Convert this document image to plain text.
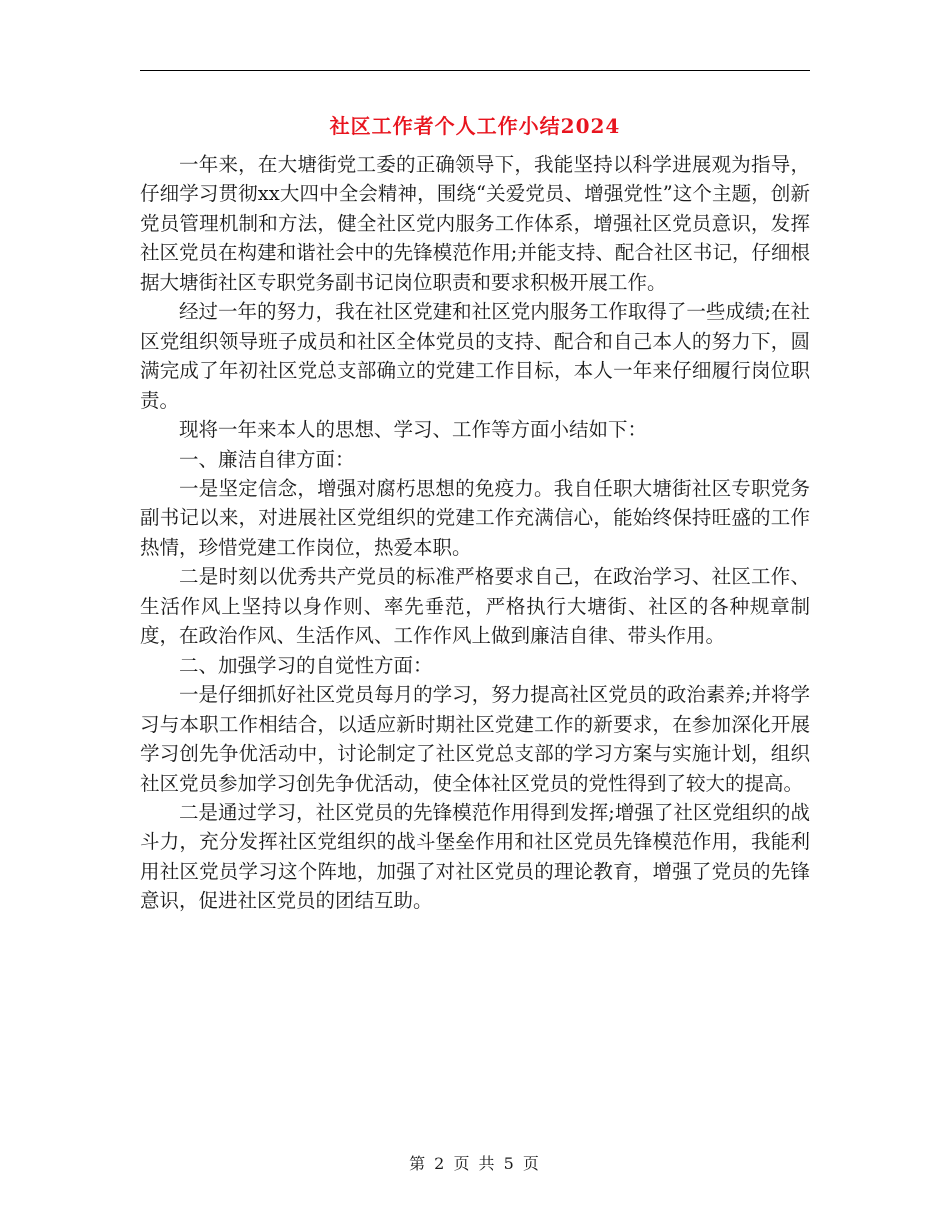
社区工作者个人工作小结2024

一年来，在大塘街党工委的正确领导下，我能坚持以科学进展观为指导，仔细学习贯彻xx大四中全会精神，围绕“关爱党员、增强党性”这个主题，创新党员管理机制和方法，健全社区党内服务工作体系，增强社区党员意识，发挥社区党员在构建和谐社会中的先锋模范作用;并能支持、配合社区书记，仔细根据大塘街社区专职党务副书记岗位职责和要求积极开展工作。

经过一年的努力，我在社区党建和社区党内服务工作取得了一些成绩;在社区党组织领导班子成员和社区全体党员的支持、配合和自己本人的努力下，圆满完成了年初社区党总支部确立的党建工作目标，本人一年来仔细履行岗位职责。

现将一年来本人的思想、学习、工作等方面小结如下：

一、廉洁自律方面：

一是坚定信念，增强对腐朽思想的免疫力。我自任职大塘街社区专职党务副书记以来，对进展社区党组织的党建工作充满信心，能始终保持旺盛的工作热情，珍惜党建工作岗位，热爱本职。

二是时刻以优秀共产党员的标准严格要求自己，在政治学习、社区工作、生活作风上坚持以身作则、率先垂范，严格执行大塘街、社区的各种规章制度，在政治作风、生活作风、工作作风上做到廉洁自律、带头作用。

二、加强学习的自觉性方面：

一是仔细抓好社区党员每月的学习，努力提高社区党员的政治素养;并将学习与本职工作相结合，以适应新时期社区党建工作的新要求，在参加深化开展学习创先争优活动中，讨论制定了社区党总支部的学习方案与实施计划，组织社区党员参加学习创先争优活动，使全体社区党员的党性得到了较大的提高。

二是通过学习，社区党员的先锋模范作用得到发挥;增强了社区党组织的战斗力，充分发挥社区党组织的战斗堡垒作用和社区党员先锋模范作用，我能利用社区党员学习这个阵地，加强了对社区党员的理论教育，增强了党员的先锋意识，促进社区党员的团结互助。

第 2 页 共 5 页
